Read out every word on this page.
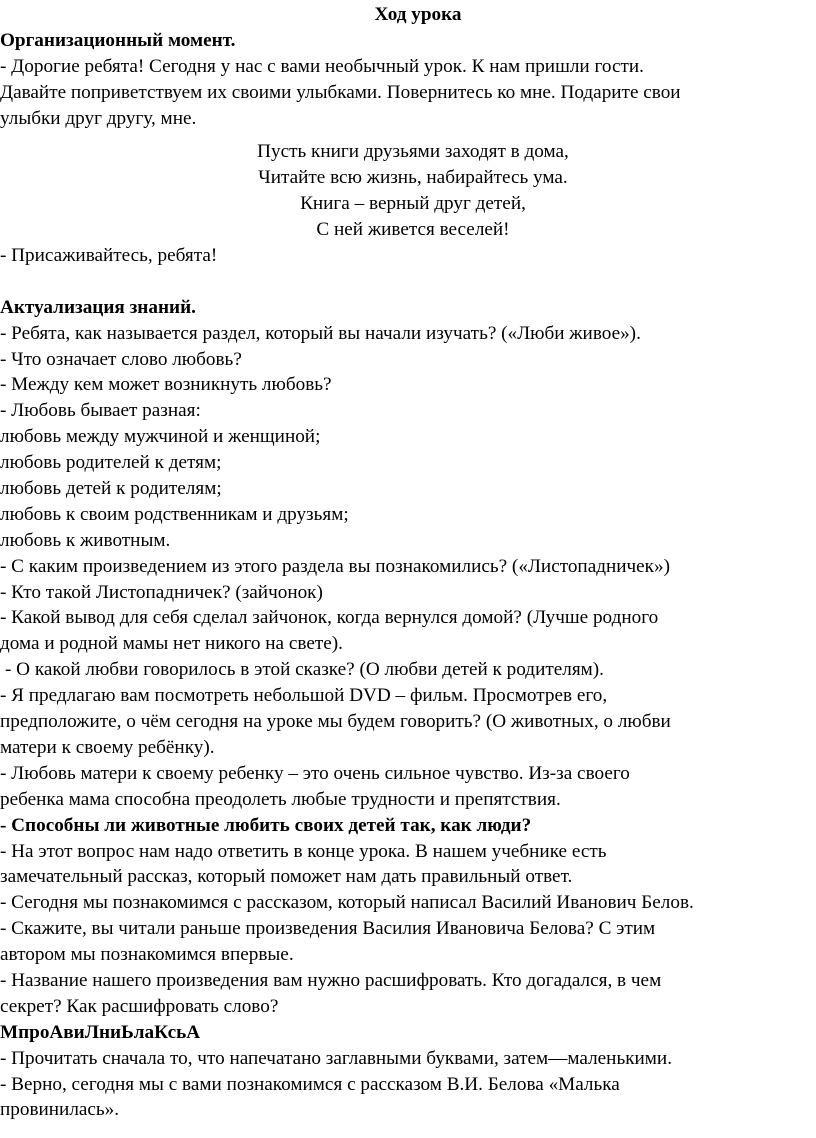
Ход урока
Организационный момент.
- Дорогие ребята! Сегодня у нас с вами необычный урок. К нам пришли гости.
Давайте поприветствуем их своими улыбками. Повернитесь ко мне. Подарите свои
улыбки друг другу, мне.
Пусть книги друзьями заходят в дома,
Читайте всю жизнь, набирайтесь ума.
Книга – верный друг детей,
С ней живется веселей!
- Присаживайтесь, ребята!
Актуализация знаний.
- Ребята, как называется раздел, который вы начали изучать? («Люби живое»).
- Что означает слово любовь?
- Между кем может возникнуть любовь?
- Любовь бывает разная:
любовь между мужчиной и женщиной;
любовь родителей к детям;
любовь детей к родителям;
любовь к своим родственникам и друзьям;
любовь к животным.
- С каким произведением из этого раздела вы познакомились? («Листопадничек»)
- Кто такой Листопадничек? (зайчонок)
- Какой вывод для себя сделал зайчонок, когда вернулся домой? (Лучше родного
дома и родной мамы нет никого на свете).
- О какой любви говорилось в этой сказке? (О любви детей к родителям).
- Я предлагаю вам посмотреть небольшой DVD – фильм. Просмотрев его,
предположите, о чём сегодня на уроке мы будем говорить? (О животных, о любви
матери к своему ребёнку).
- Любовь матери к своему ребенку – это очень сильное чувство. Из-за своего
ребенка мама способна преодолеть любые трудности и препятствия.
- Способны ли животные любить своих детей так, как люди?
- На этот вопрос нам надо ответить в конце урока. В нашем учебнике есть
замечательный рассказ, который поможет нам дать правильный ответ.
- Сегодня мы познакомимся с рассказом, который написал Василий Иванович Белов.
- Скажите, вы читали раньше произведения Василия Ивановича Белова? С этим
автором мы познакомимся впервые.
- Название нашего произведения вам нужно расшифровать. Кто догадался, в чем
секрет? Как расшифровать слово?
МпроАвиЛниЬлаКсьА
- Прочитать сначала то, что напечатано заглавными буквами, затем—маленькими.
- Верно, сегодня мы с вами познакомимся с рассказом В.И. Белова «Малька
провинилась».
